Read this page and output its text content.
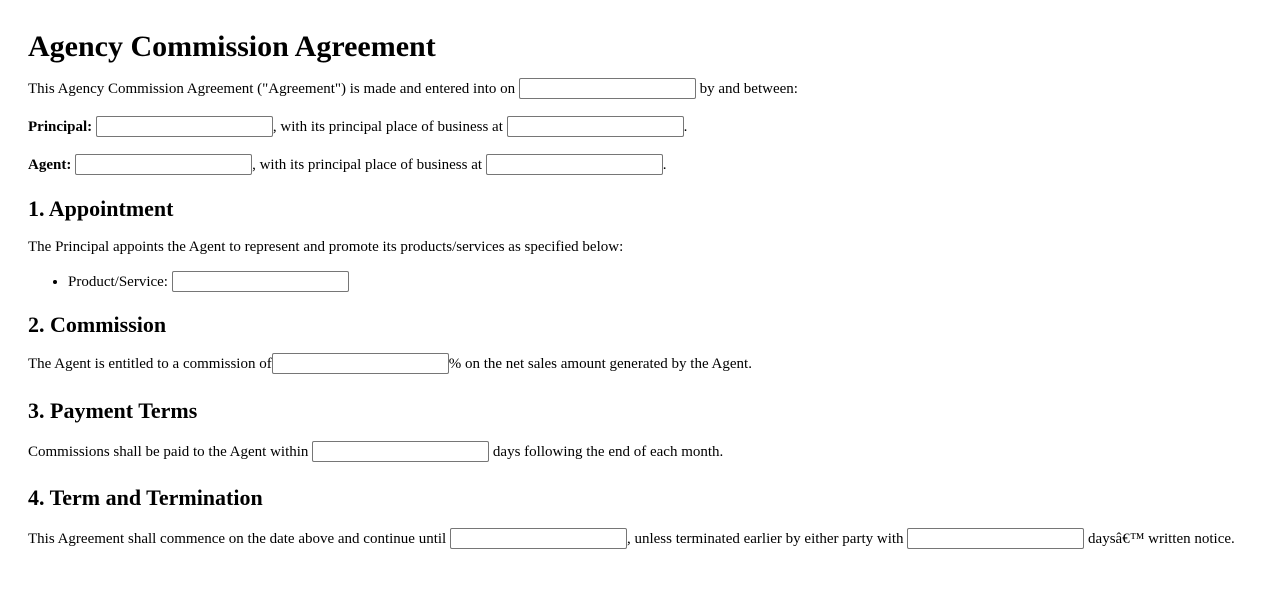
Agency Commission Agreement

This Agency Commission Agreement ("Agreement") is made and entered into on	by and between:

Principal:	, with its principal place of business at	.

Agent:	, with its principal place of business at	.

1. Appointment

The Principal appoints the Agent to represent and promote its products/services as specified below:

• Product/Service:
2. Commission

The Agent is entitled to a commission of	% on the net sales amount generated by the Agent.

3. Payment Terms

Commissions shall be paid to the Agent within	days following the end of each month.

4. Term and Termination

This Agreement shall commence on the date above and continue until	, unless terminated earlier by either party with	daysâ€™ written notice.
